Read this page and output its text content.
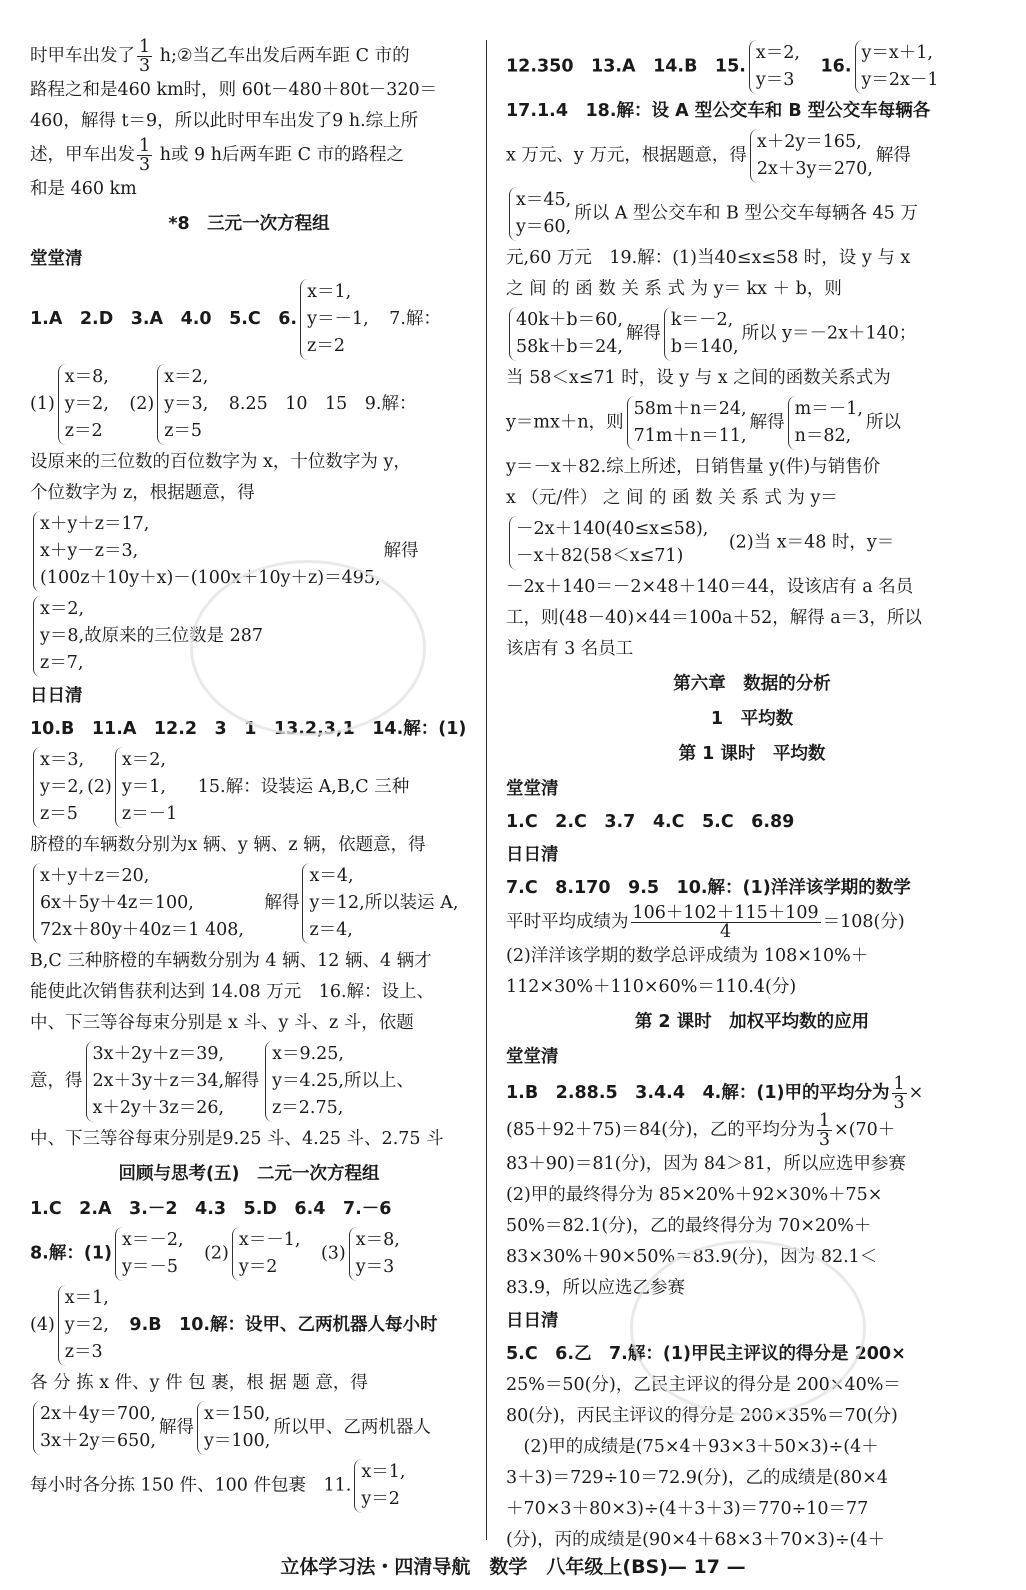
时甲车出发了 $\frac{1}{3}$ h;②当乙车出发后两车距 C 市的

路程之和是460 km时，则 60t－480＋80t－320＝

460，解得 t＝9，所以此时甲车出发了9 h.综上所

述，甲车出发 $\frac{1}{3}$ h或 9 h后两车距 C 市的路程之

和是 460 km

*8　三元一次方程组

堂堂清

1.A　2.D　3.A　4.0　5.C　6.
x＝1,
y＝－1,
z＝2
　7.解：

(1)
x＝8,
y＝2,
z＝2
　(2)
x＝2,
y＝3,
z＝5
　8.25　10　15　9.解：

设原来的三位数的百位数字为 x，十位数字为 y，

个位数字为 z，根据题意，得

x＋y＋z＝17,
x＋y－z＝3,
(100z＋10y＋x)－(100x＋10y＋z)＝495,
解得

x＝2,
y＝8,故原来的三位数是 287
z＝7,

日日清

10.B　11.A　12.2　3　1　13.2,3,1　14.解：(1)

x＝3,
y＝2,
z＝5
(2)
x＝2,
y＝1,
z＝－1
　15.解：设装运 A,B,C 三种

脐橙的车辆数分别为x 辆、y 辆、z 辆，依题意，得

x＋y＋z＝20,
6x＋5y＋4z＝100,
72x＋80y＋40z＝1 408,
　解得
x＝4,
y＝12,所以装运 A,
z＝4,

B,C 三种脐橙的车辆数分别为 4 辆、12 辆、4 辆才

能使此次销售获利达到 14.08 万元　16.解：设上、

中、下三等谷每束分别是 x 斗、y 斗、z 斗，依题

意，得
3x＋2y＋z＝39,
2x＋3y＋z＝34,解得
x＋2y＋3z＝26,
x＝9.25,
y＝4.25,所以上、
z＝2.75,

中、下三等谷每束分别是9.25 斗、4.25 斗、2.75 斗

回顾与思考(五)　二元一次方程组

1.C　2.A　3.－2　4.3　5.D　6.4　7.－6

8.解：(1)
x＝－2,
y＝－5
　(2)
x＝－1,
y＝2
　(3)
x＝8,
y＝3

(4)
x＝1,
y＝2,
z＝3
　9.B　10.解：设甲、乙两机器人每小时

各 分 拣 x 件、y 件 包 裹，根 据 题 意，得

2x＋4y＝700,
3x＋2y＝650,
解得
x＝150,
y＝100,
所以甲、乙两机器人

每小时各分拣 150 件、100 件包裹　11.
x＝1,
y＝2

12.350　13.A　14.B　15.
x＝2,
y＝3
　16.
y＝x＋1,
y＝2x－1

17.1.4　18.解：设 A 型公交车和 B 型公交车每辆各

x 万元、y 万元，根据题意，得
x＋2y＝165,
2x＋3y＝270,
解得

x＝45,
y＝60,
所以 A 型公交车和 B 型公交车每辆各 45 万

元,60 万元　19.解：(1)当40≤x≤58 时，设 y 与 x

之 间 的 函 数 关 系 式 为 y＝ kx ＋ b，则

40k＋b＝60,
58k＋b＝24,
解得
k＝－2,
b＝140,
所以 y＝－2x＋140；

当 58＜x≤71 时，设 y 与 x 之间的函数关系式为

y＝mx＋n，则
58m＋n＝24,
71m＋n＝11,
解得
m＝－1,
n＝82,
所以

y＝－x＋82.综上所述，日销售量 y(件)与销售价

x （元/件） 之 间 的 函 数 关 系 式 为 y＝

－2x＋140(40≤x≤58),
－x＋82(58＜x≤71)
　(2)当 x＝48 时，y＝

－2x＋140＝－2×48＋140＝44，设该店有 a 名员

工，则(48－40)×44＝100a＋52，解得 a＝3，所以

该店有 3 名员工

第六章　数据的分析

1　平均数

第 1 课时　平均数

堂堂清

1.C　2.C　3.7　4.C　5.C　6.89

日日清

7.C　8.170　9.5　10.解：(1)洋洋该学期的数学

平时平均成绩为 $\frac{106+102+115+109}{4} =108$(分)

(2)洋洋该学期的数学总评成绩为 108×10%＋

112×30%＋110×60%＝110.4(分)

第 2 课时　加权平均数的应用

堂堂清

1.B　2.88.5　3.4.4　4.解：(1)甲的平均分为 $\frac{1}{3}$ ×

(85＋92＋75)＝84(分)，乙的平均分为 $\frac{1}{3} \times(70+$

83＋90)＝81(分)，因为 84＞81，所以应选甲参赛

(2)甲的最终得分为 85×20%＋92×30%＋75×

50%＝82.1(分)，乙的最终得分为 70×20%＋

83×30%＋90×50%＝83.9(分)，因为 82.1＜

83.9，所以应选乙参赛

日日清

5.C　6.乙　7.解：(1)甲民主评议的得分是 200×

25%＝50(分)，乙民主评议的得分是 200×40%＝

80(分)，丙民主评议的得分是 200×35%＝70(分)

　(2)甲的成绩是(75×4＋93×3＋50×3)÷(4＋

3＋3)＝729÷10＝72.9(分)，乙的成绩是(80×4

＋70×3＋80×3)÷(4＋3＋3)＝770÷10＝77

(分)，丙的成绩是(90×4＋68×3＋70×3)÷(4＋

立体学习法・四清导航　数学　八年级上(BS)— 17 —
